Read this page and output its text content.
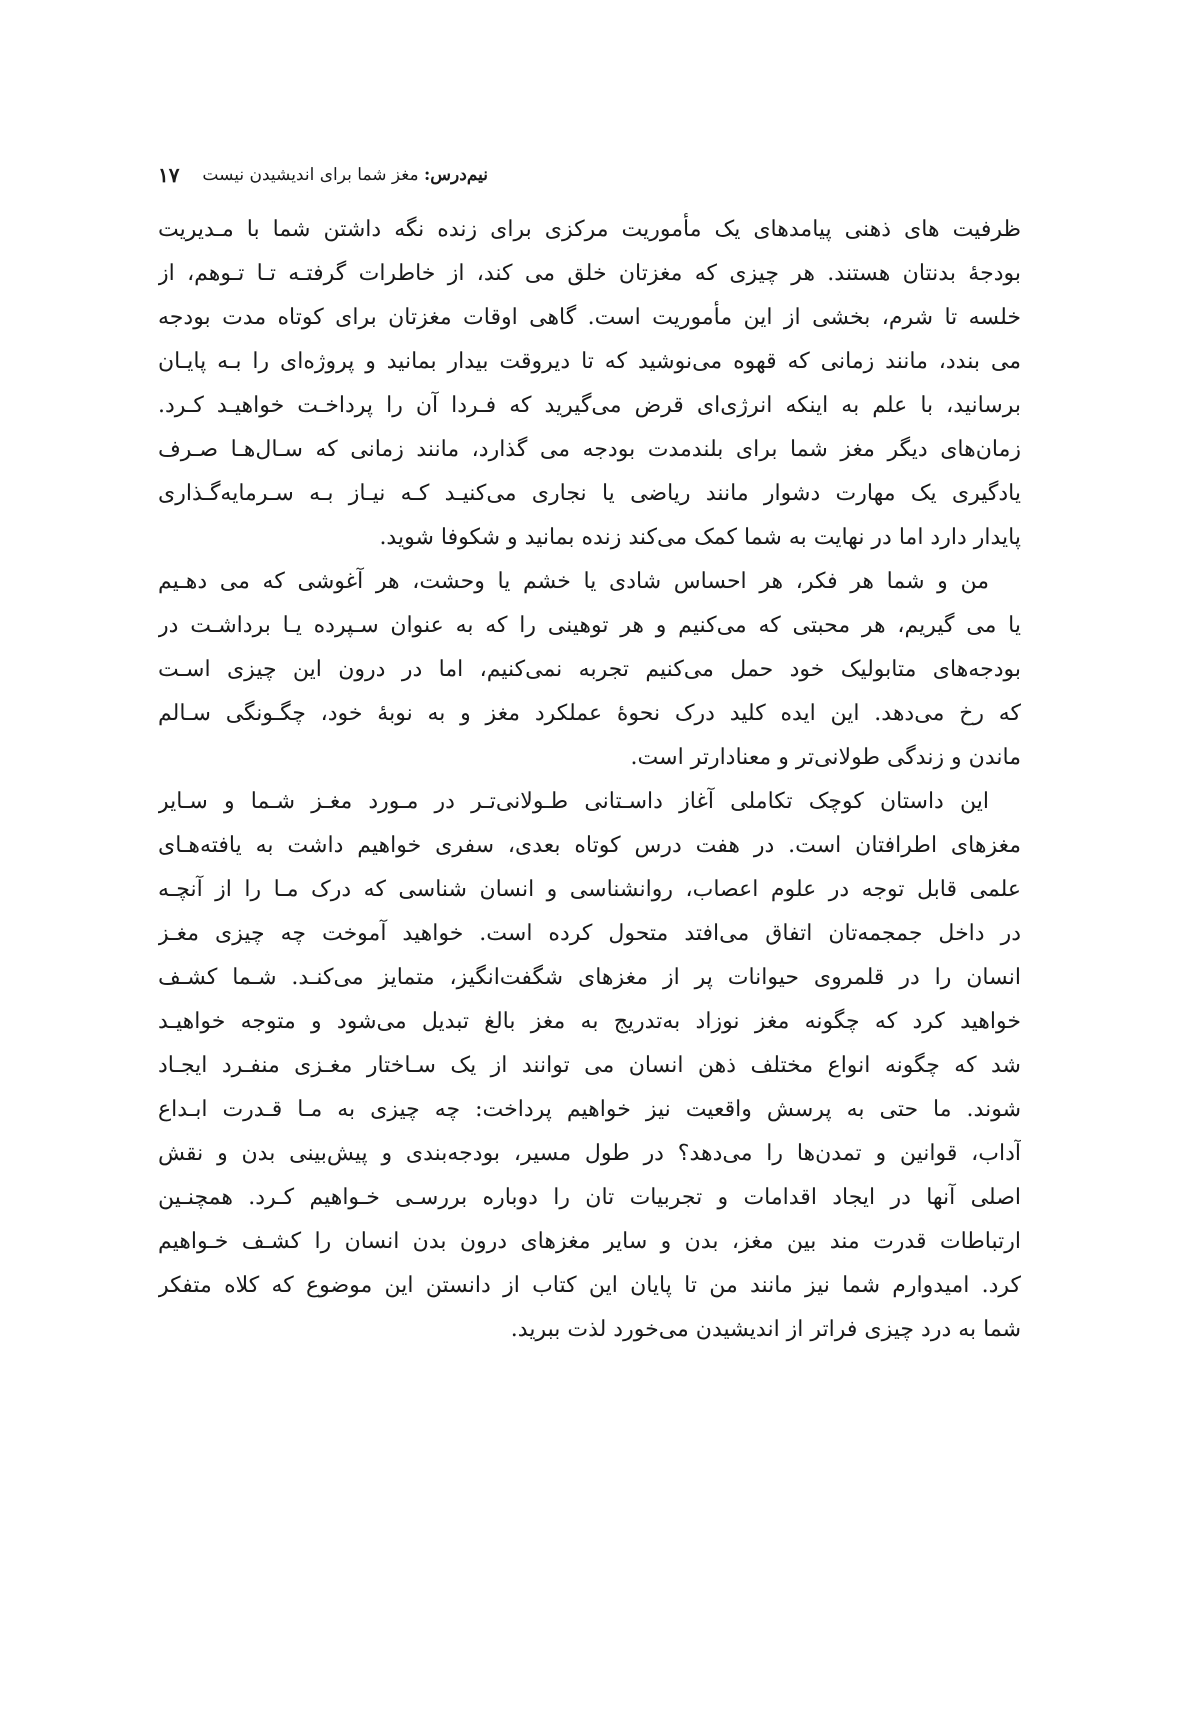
نیم‌درس:

مغز شما برای اندیشیدن نیست
۱۷
ظرفیت های ذهنی پیامدهای یک مأموریت مرکزی برای زنده نگه داشتن شما با مـدیریت
بودجهٔ بدنتان هستند. هر چیزی که مغزتان خلق می کند، از خاطرات گرفتـه تـا تـوهم، از
خلسه تا شرم، بخشی از این مأموریت است. گاهی اوقات مغزتان برای کوتاه مدت بودجه
می بندد، مانند زمانی که قهوه می‌نوشید که تا دیروقت بیدار بمانید و پروژه‌ای را بـه پایـان
برسانید، با علم به اینکه انرژی‌ای قرض می‌گیرید که فـردا آن را پرداخـت خواهیـد کـرد.
زمان‌های دیگر مغز شما برای بلندمدت بودجه می گذارد، مانند زمانی که سـال‌هـا صـرف
یادگیری یک مهارت دشوار مانند ریاضی یا نجاری می‌کنیـد کـه نیـاز بـه سـرمایه‌گـذاری
پایدار دارد اما در نهایت به شما کمک می‌کند زنده بمانید و شکوفا شوید.
من و شما هر فکر، هر احساس شادی یا خشم یا وحشت، هر آغوشی که می دهـیم
یا می گیریم، هر محبتی که می‌کنیم و هر توهینی را که به عنوان سـپرده یـا برداشـت در
بودجه‌های متابولیک خود حمل می‌کنیم تجربه نمی‌کنیم، اما در درون این چیزی اسـت
که رخ می‌دهد. این ایده کلید درک نحوهٔ عملکرد مغز و به نوبهٔ خود، چگـونگی سـالم
ماندن و زندگی طولانی‌تر و معنادارتر است.
این داستان کوچک تکاملی آغاز داسـتانی طـولانی‌تـر در مـورد مغـز شـما و سـایر
مغزهای اطرافتان است. در هفت درس کوتاه بعدی، سفری خواهیم داشت به یافته‌هـای
علمی قابل توجه در علوم اعصاب، روانشناسی و انسان شناسی که درک مـا را از آنچـه
در داخل جمجمه‌تان اتفاق می‌افتد متحول کرده است. خواهید آموخت چه چیزی مغـز
انسان را در قلمروی حیوانات پر از مغزهای شگفت‌انگیز، متمایز می‌کنـد. شـما کشـف
خواهید کرد که چگونه مغز نوزاد به‌تدریج به مغز بالغ تبدیل می‌شود و متوجه خواهیـد
شد که چگونه انواع مختلف ذهن انسان می توانند از یک سـاختار مغـزی منفـرد ایجـاد
شوند. ما حتی به پرسش واقعیت نیز خواهیم پرداخت: چه چیزی به مـا قـدرت ابـداع
آداب، قوانین و تمدن‌ها را می‌دهد؟ در طول مسیر، بودجه‌بندی و پیش‌بینی بدن و نقش
اصلی آنها در ایجاد اقدامات و تجربیات تان را دوباره بررسـی خـواهیم کـرد. همچنـین
ارتباطات قدرت مند بین مغز، بدن و سایر مغزهای درون بدن انسان را کشـف خـواهیم
کرد. امیدوارم شما نیز مانند من تا پایان این کتاب از دانستن این موضوع که کلاه متفکر
شما به درد چیزی فراتر از اندیشیدن می‌خورد لذت ببرید.
